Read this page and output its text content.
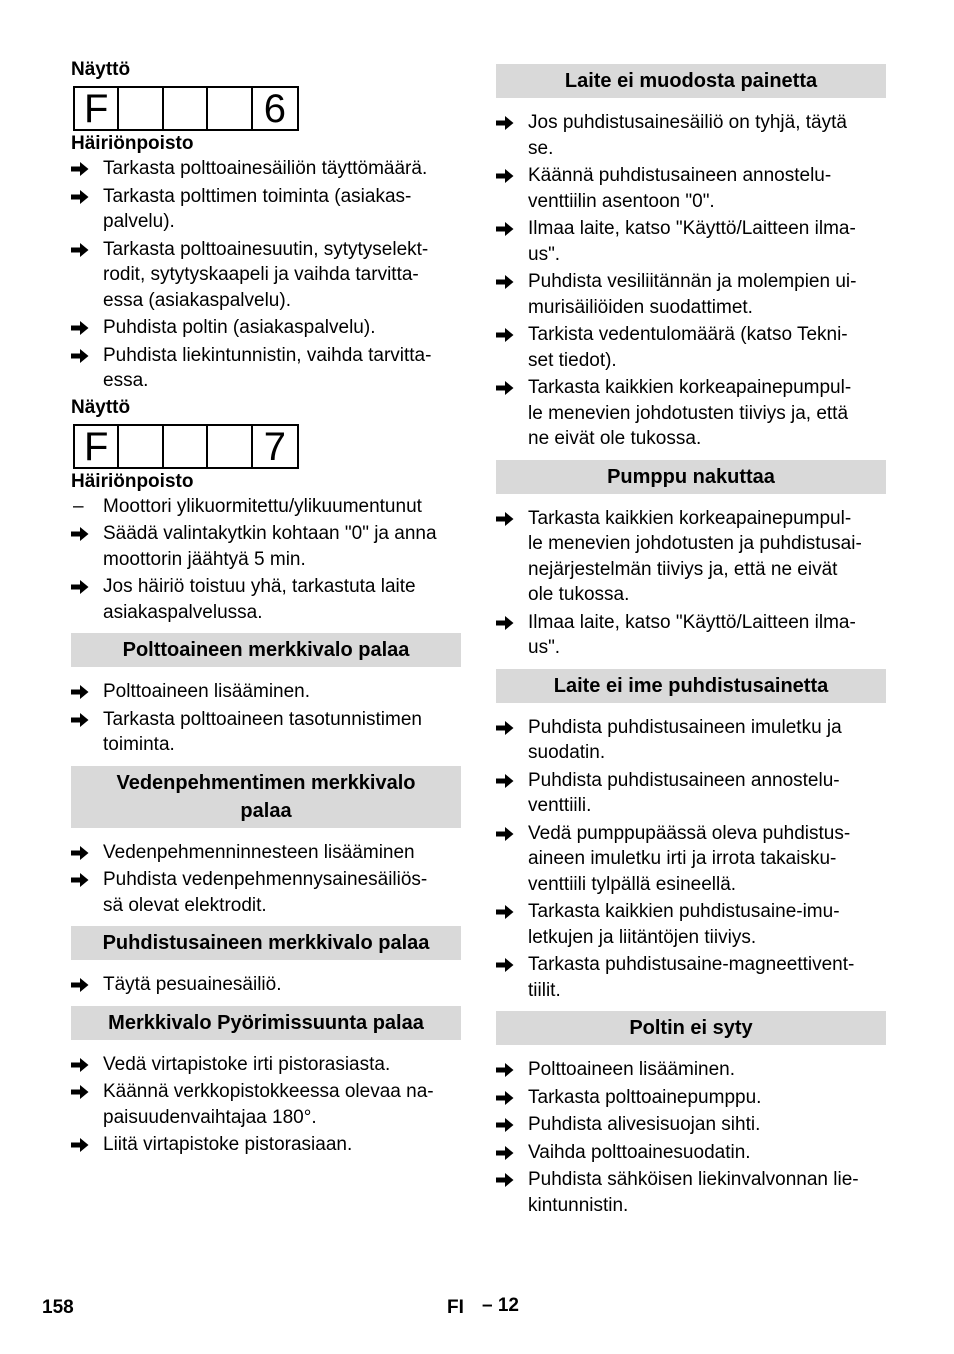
Näyttö

F	6

Häiriönpoisto

Tarkasta polttoainesäiliön täyttömäärä.
Tarkasta polttimen toiminta (asiakas-
palvelu).
Tarkasta polttoainesuutin, sytytyselekt-
rodit, sytytyskaapeli ja vaihda tarvitta-
essa (asiakaspalvelu).
Puhdista poltin (asiakaspalvelu).
Puhdista liekintunnistin, vaihda tarvitta-
essa.

Näyttö

F	7

Häiriönpoisto

–	Moottori ylikuormitettu/ylikuumentunut
Säädä valintakytkin kohtaan "0" ja anna
moottorin jäähtyä 5 min.
Jos häiriö toistuu yhä, tarkastuta laite
asiakaspalvelussa.
Polttoaineen merkkivalo palaa
Polttoaineen lisääminen.
Tarkasta polttoaineen tasotunnistimen
toiminta.
Vedenpehmentimen merkkivalo
palaa
Vedenpehmenninnesteen lisääminen
Puhdista vedenpehmennysainesäiliös-
sä olevat elektrodit.
Puhdistusaineen merkkivalo palaa
Täytä pesuainesäiliö.
Merkkivalo Pyörimissuunta palaa
Vedä virtapistoke irti pistorasiasta.
Käännä verkkopistokkeessa olevaa na-
paisuudenvaihtajaa 180°.
Liitä virtapistoke pistorasiaan.
Laite ei muodosta painetta
Jos puhdistusainesäiliö on tyhjä, täytä
se.
Käännä puhdistusaineen annostelu-
venttiilin asentoon "0".
Ilmaa laite, katso "Käyttö/Laitteen ilma-
us".
Puhdista vesiliitännän ja molempien ui-
murisäiliöiden suodattimet.
Tarkista vedentulomäärä (katso Tekni-
set tiedot).
Tarkasta kaikkien korkeapainepumpul-
le menevien johdotusten tiiviys ja, että
ne eivät ole tukossa.
Pumppu nakuttaa
Tarkasta kaikkien korkeapainepumpul-
le menevien johdotusten ja puhdistusai-
nejärjestelmän tiiviys ja, että ne eivät
ole tukossa.
Ilmaa laite, katso "Käyttö/Laitteen ilma-
us".
Laite ei ime puhdistusainetta
Puhdista puhdistusaineen imuletku ja
suodatin.
Puhdista puhdistusaineen annostelu-
venttiili.
Vedä pumppupäässä oleva puhdistus-
aineen imuletku irti ja irrota takaisku-
venttiili tylpällä esineellä.
Tarkasta kaikkien puhdistusaine-imu-
letkujen ja liitäntöjen tiiviys.
Tarkasta puhdistusaine-magneettivent-
tiilit.
Poltin ei syty
Polttoaineen lisääminen.
Tarkasta polttoainepumppu.
Puhdista alivesisuojan sihti.
Vaihda polttoainesuodatin.
Puhdista sähköisen liekinvalvonnan lie-
kintunnistin.
158	FI – 12
